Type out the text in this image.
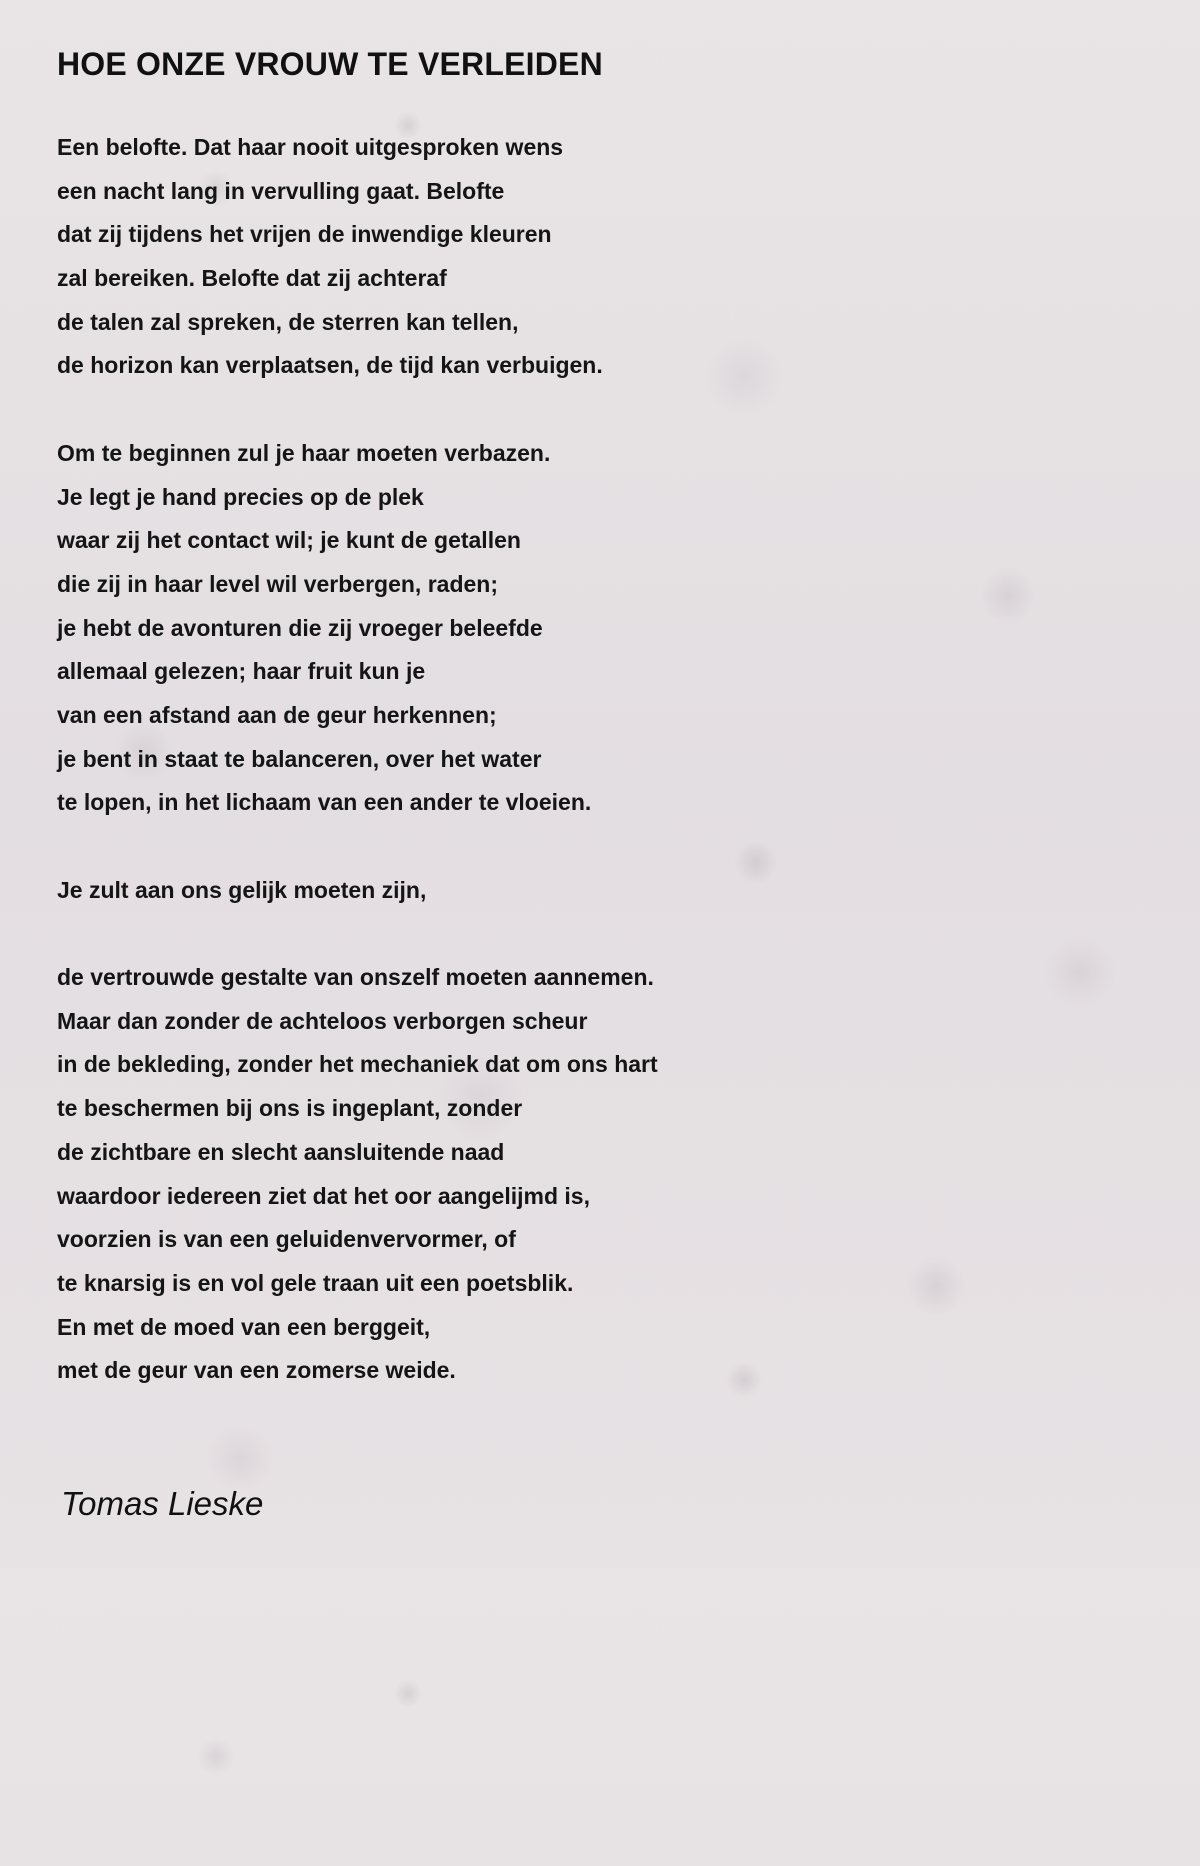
HOE ONZE VROUW TE VERLEIDEN
Een belofte. Dat haar nooit uitgesproken wens
een nacht lang in vervulling gaat. Belofte
dat zij tijdens het vrijen de inwendige kleuren
zal bereiken. Belofte dat zij achteraf
de talen zal spreken, de sterren kan tellen,
de horizon kan verplaatsen, de tijd kan verbuigen.
Om te beginnen zul je haar moeten verbazen.
Je legt je hand precies op de plek
waar zij het contact wil; je kunt de getallen
die zij in haar level wil verbergen, raden;
je hebt de avonturen die zij vroeger beleefde
allemaal gelezen; haar fruit kun je
van een afstand aan de geur herkennen;
je bent in staat te balanceren, over het water
te lopen, in het lichaam van een ander te vloeien.
Je zult aan ons gelijk moeten zijn,
de vertrouwde gestalte van onszelf moeten aannemen.
Maar dan zonder de achteloos verborgen scheur
in de bekleding, zonder het mechaniek dat om ons hart
te beschermen bij ons is ingeplant, zonder
de zichtbare en slecht aansluitende naad
waardoor iedereen ziet dat het oor aangelijmd is,
voorzien is van een geluidenvervormer, of
te knarsig is en vol gele traan uit een poetsblik.
En met de moed van een berggeit,
met de geur van een zomerse weide.

Tomas Lieske
